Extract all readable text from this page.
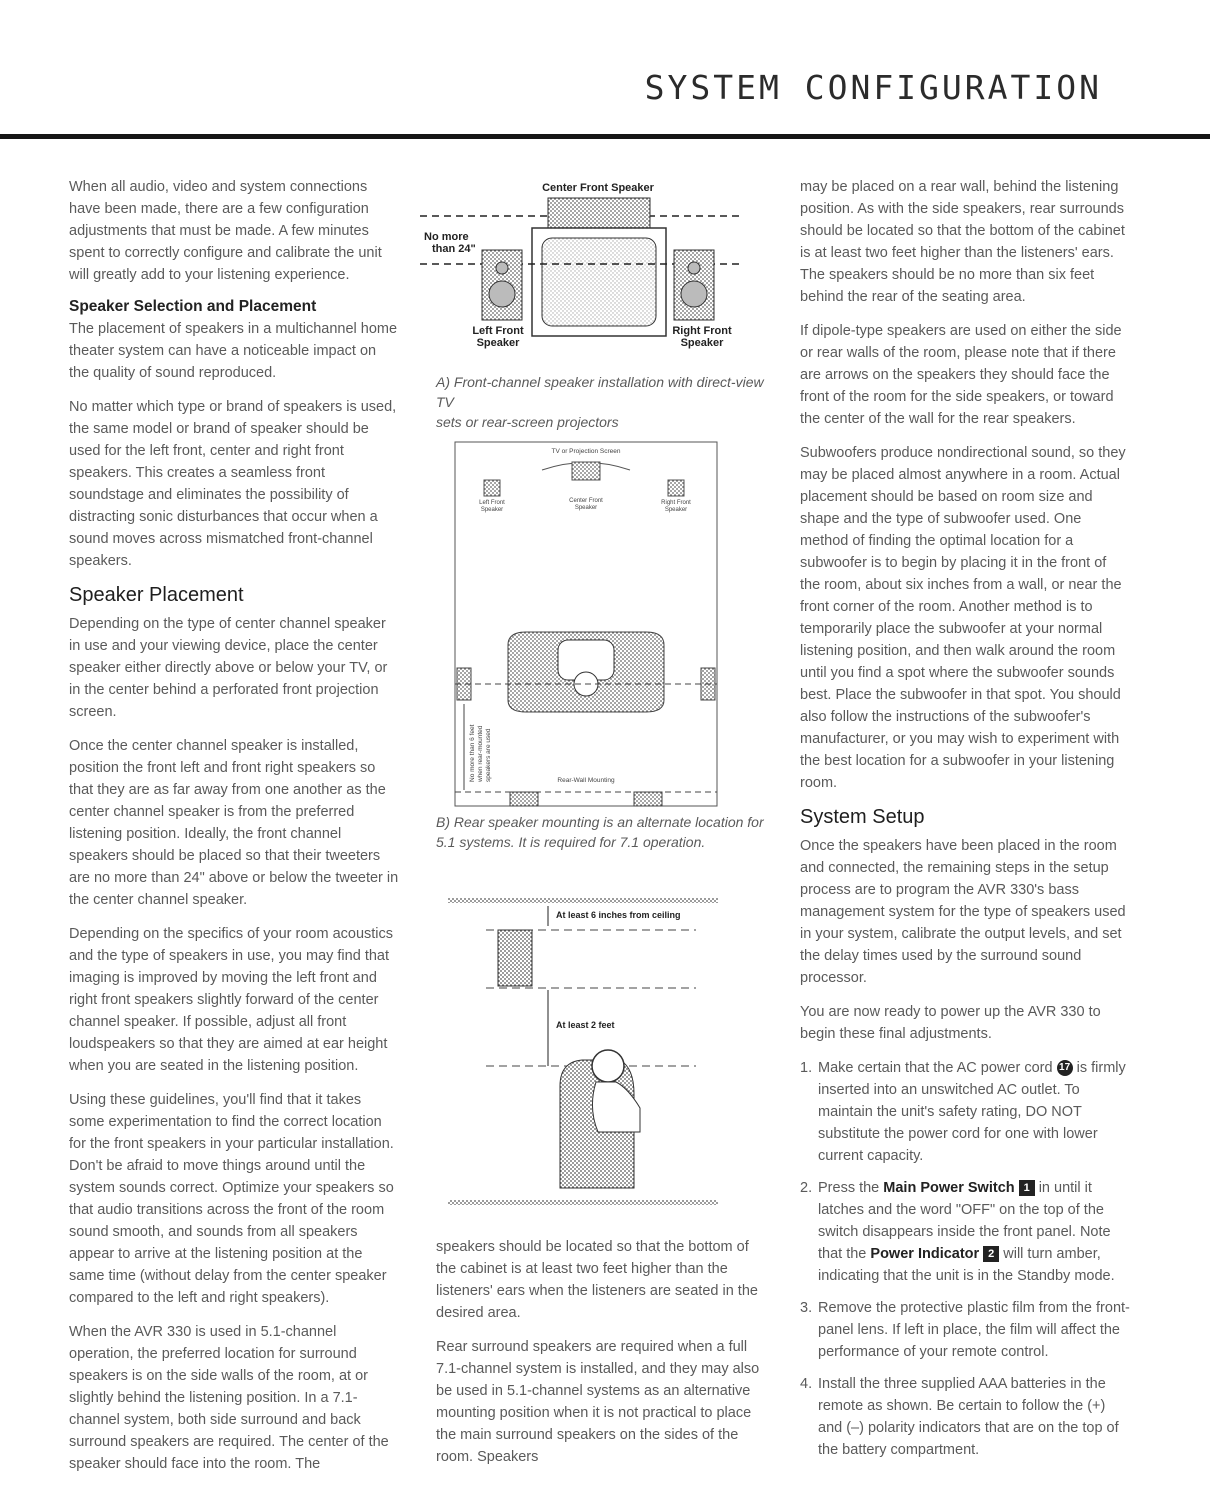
SYSTEM CONFIGURATION

When all audio, video and system connections have been made, there are a few configuration adjustments that must be made. A few minutes spent to correctly configure and calibrate the unit will greatly add to your listening experience.

Speaker Selection and Placement

The placement of speakers in a multichannel home theater system can have a noticeable impact on the quality of sound reproduced.

No matter which type or brand of speakers is used, the same model or brand of speaker should be used for the left front, center and right front speakers. This creates a seamless front soundstage and eliminates the possibility of distracting sonic disturbances that occur when a sound moves across mismatched front-channel speakers.

Speaker Placement

Depending on the type of center channel speaker in use and your viewing device, place the center speaker either directly above or below your TV, or in the center behind a perforated front projection screen.

Once the center channel speaker is installed, position the front left and front right speakers so that they are as far away from one another as the center channel speaker is from the preferred listening position. Ideally, the front channel speakers should be placed so that their tweeters are no more than 24" above or below the tweeter in the center channel speaker.

Depending on the specifics of your room acoustics and the type of speakers in use, you may find that imaging is improved by moving the left front and right front speakers slightly forward of the center channel speaker. If possible, adjust all front loudspeakers so that they are aimed at ear height when you are seated in the listening position.

Using these guidelines, you'll find that it takes some experimentation to find the correct location for the front speakers in your particular installation. Don't be afraid to move things around until the system sounds correct. Optimize your speakers so that audio transitions across the front of the room sound smooth, and sounds from all speakers appear to arrive at the listening position at the same time (without delay from the center speaker compared to the left and right speakers).

When the AVR 330 is used in 5.1-channel operation, the preferred location for surround speakers is on the side walls of the room, at or slightly behind the listening position. In a 7.1-channel system, both side surround and back surround speakers are required. The center of the speaker should face into the room. The

Center Front Speaker
No more
than 24"
Left Front
Speaker
Right Front
Speaker

A) Front-channel speaker installation with direct-view TV
sets or rear-screen projectors

TV or Projection Screen
Left Front
Speaker
Center Front
Speaker
Right Front
Speaker
No more than 6 feet when rear-mounted speakers are used	Rear-Wall Mounting

B) Rear speaker mounting is an alternate location for
5.1 systems. It is required for 7.1 operation.

At least 6 inches from ceiling
At least 2 feet

speakers should be located so that the bottom of the cabinet is at least two feet higher than the listeners' ears when the listeners are seated in the desired area.

Rear surround speakers are required when a full 7.1-channel system is installed, and they may also be used in 5.1-channel systems as an alternative mounting position when it is not practical to place the main surround speakers on the sides of the room. Speakers

may be placed on a rear wall, behind the listening position. As with the side speakers, rear surrounds should be located so that the bottom of the cabinet is at least two feet higher than the listeners' ears. The speakers should be no more than six feet behind the rear of the seating area.

If dipole-type speakers are used on either the side or rear walls of the room, please note that if there are arrows on the speakers they should face the front of the room for the side speakers, or toward the center of the wall for the rear speakers.

Subwoofers produce nondirectional sound, so they may be placed almost anywhere in a room. Actual placement should be based on room size and shape and the type of subwoofer used. One method of finding the optimal location for a subwoofer is to begin by placing it in the front of the room, about six inches from a wall, or near the front corner of the room. Another method is to temporarily place the subwoofer at your normal listening position, and then walk around the room until you find a spot where the subwoofer sounds best. Place the subwoofer in that spot. You should also follow the instructions of the subwoofer's manufacturer, or you may wish to experiment with the best location for a subwoofer in your listening room.

System Setup

Once the speakers have been placed in the room and connected, the remaining steps in the setup process are to program the AVR 330's bass management system for the type of speakers used in your system, calibrate the output levels, and set the delay times used by the surround sound processor.

You are now ready to power up the AVR 330 to begin these final adjustments.

1. Make certain that the AC power cord 17 is firmly inserted into an unswitched AC outlet. To maintain the unit's safety rating, DO NOT substitute the power cord for one with lower current capacity.
2. Press the Main Power Switch 1 in until it latches and the word "OFF" on the top of the switch disappears inside the front panel. Note that the Power Indicator 2 will turn amber, indicating that the unit is in the Standby mode.
3. Remove the protective plastic film from the front-panel lens. If left in place, the film will affect the performance of your remote control.
4. Install the three supplied AAA batteries in the remote as shown. Be certain to follow the (+) and (–) polarity indicators that are on the top of the battery compartment.
